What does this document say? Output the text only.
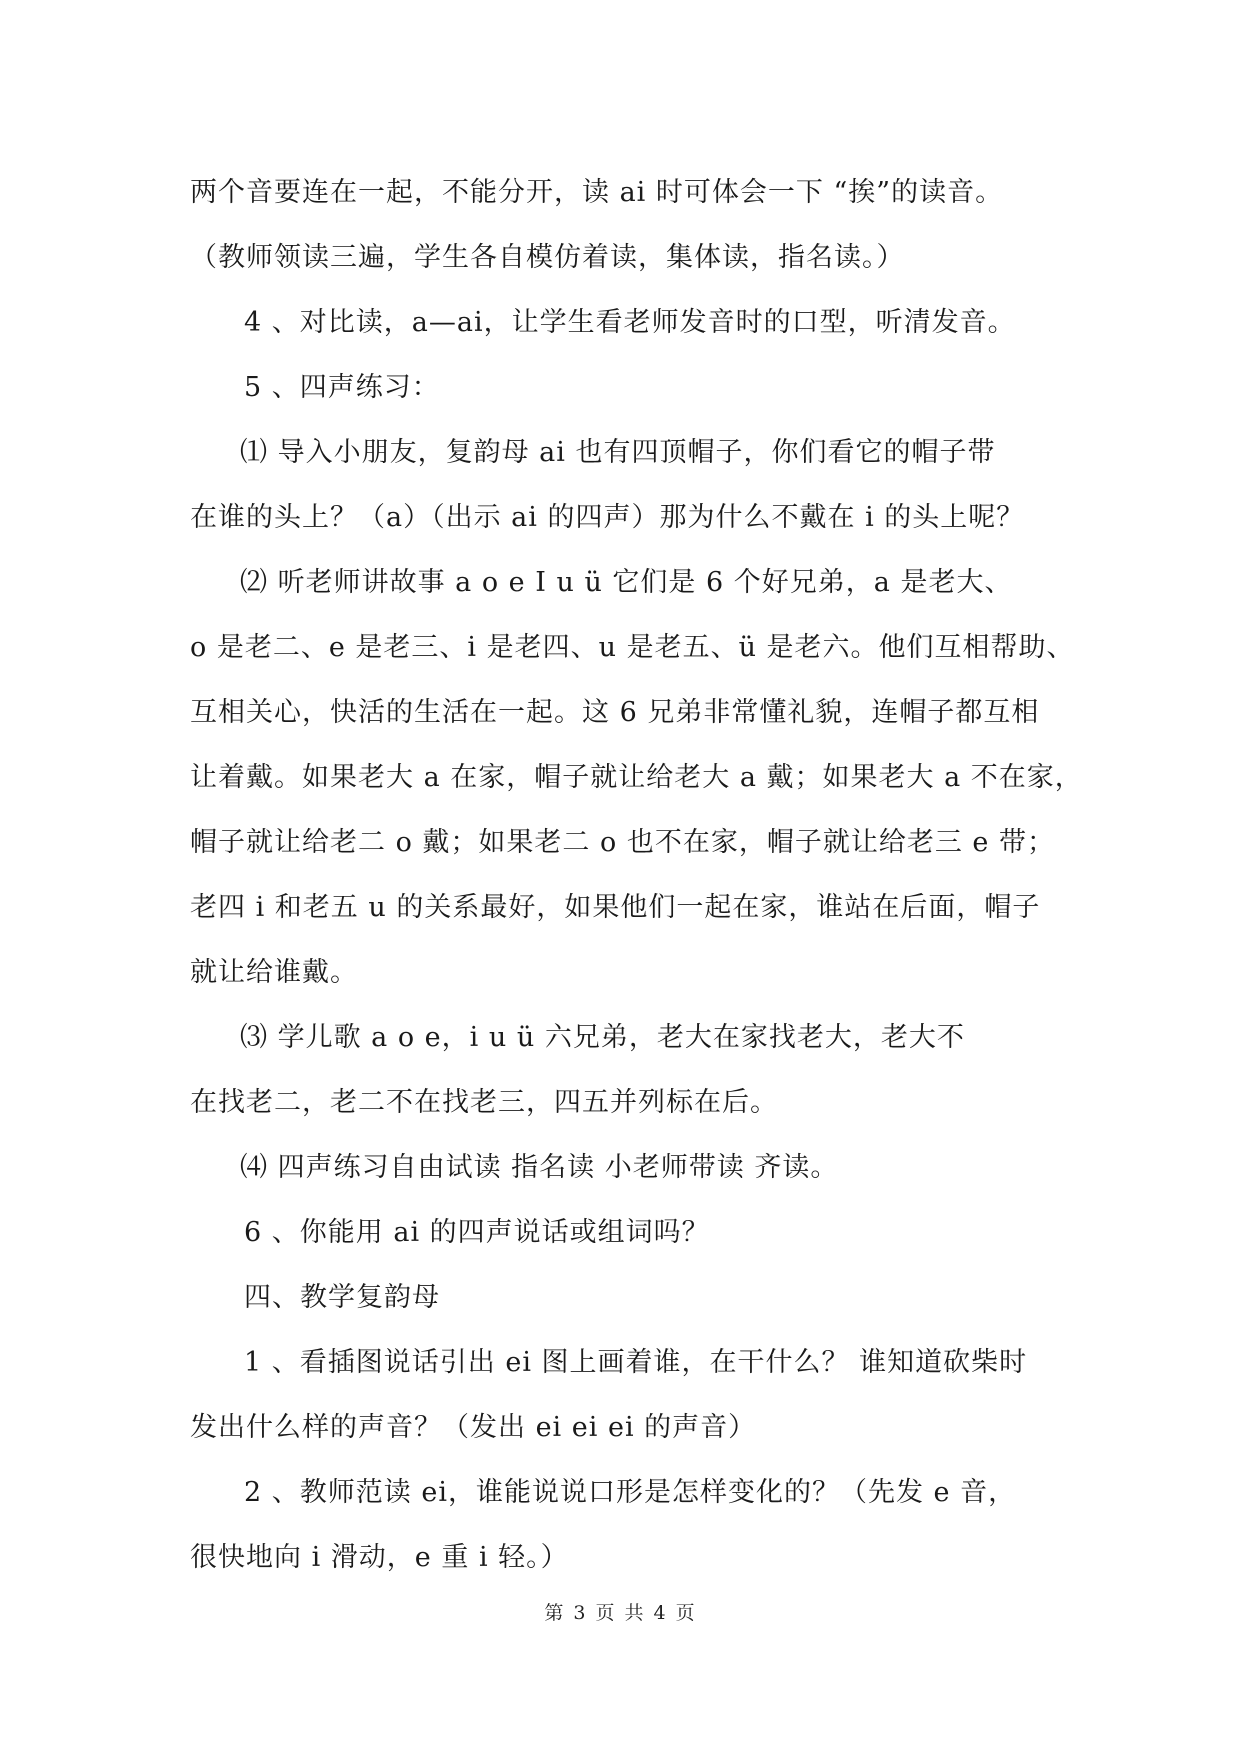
两个音要连在一起，不能分开，读 ai 时可体会一下 “挨”的读音。
（教师领读三遍，学生各自模仿着读，集体读，指名读。）
4 、对比读，a—ai，让学生看老师发音时的口型，听清发音。
5 、四声练习：
⑴ 导入小朋友，复韵母 ai 也有四顶帽子，你们看它的帽子带
在谁的头上？（a）（出示 ai 的四声）那为什么不戴在 i 的头上呢？
⑵ 听老师讲故事 a o e I u ü 它们是 6 个好兄弟，a 是老大、
o 是老二、e 是老三、i 是老四、u 是老五、ü 是老六。他们互相帮助、
互相关心，快活的生活在一起。这 6 兄弟非常懂礼貌，连帽子都互相
让着戴。如果老大 a 在家，帽子就让给老大 a 戴；如果老大 a 不在家，
帽子就让给老二 o 戴；如果老二 o 也不在家，帽子就让给老三 e 带；
老四 i 和老五 u 的关系最好，如果他们一起在家，谁站在后面，帽子
就让给谁戴。
⑶ 学儿歌 a o e，i u ü 六兄弟，老大在家找老大，老大不
在找老二，老二不在找老三，四五并列标在后。
⑷ 四声练习自由试读 指名读 小老师带读 齐读。
6 、你能用 ai 的四声说话或组词吗？
四、教学复韵母
1 、看插图说话引出 ei 图上画着谁，在干什么？ 谁知道砍柴时
发出什么样的声音？（发出 ei ei ei 的声音）
2 、教师范读 ei，谁能说说口形是怎样变化的？（先发 e 音，
很快地向 i 滑动，e 重 i 轻。）
第 3 页 共 4 页
